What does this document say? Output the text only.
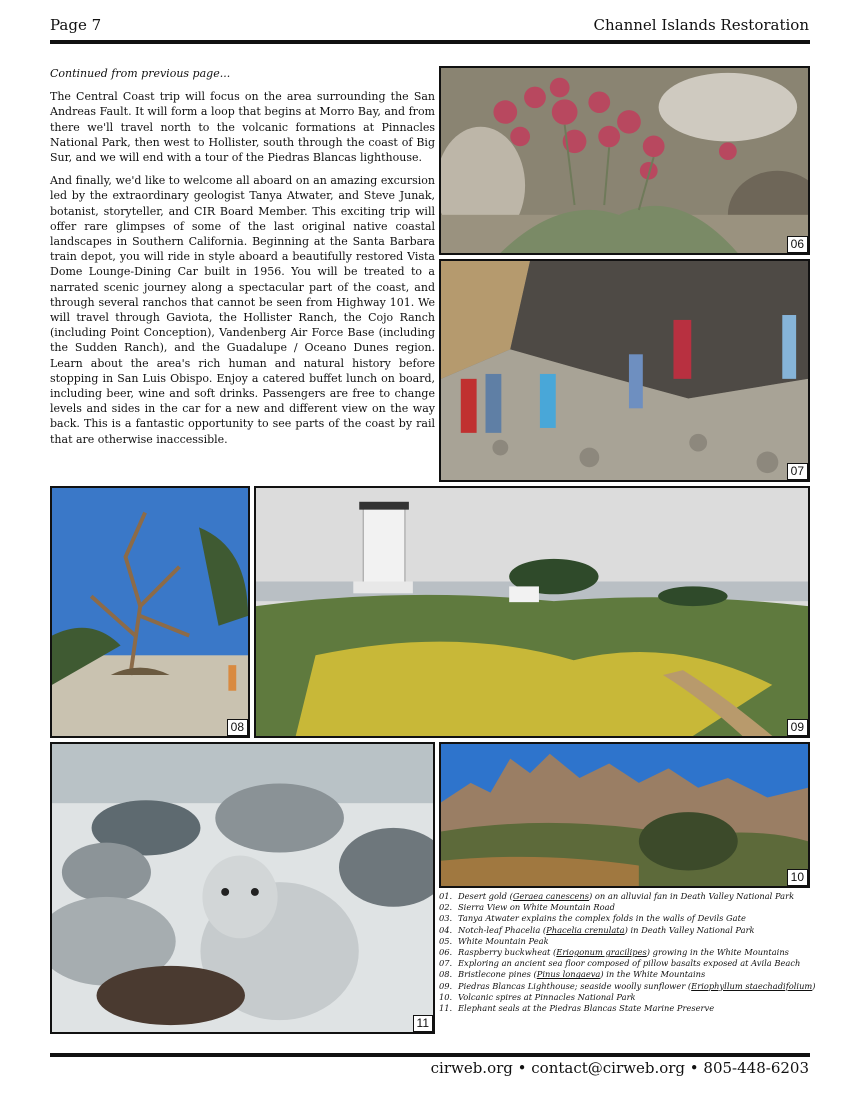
Page 7	Channel Islands Restoration

Continued from previous page...

The Central Coast trip will focus on the area surrounding the San Andreas Fault. It will form a loop that begins at Morro Bay, and from there we'll travel north to the volcanic formations at Pinnacles National Park, then west to Hollister, south through the coast of Big Sur, and we will end with a tour of the Piedras Blancas lighthouse.

And finally, we'd like to welcome all aboard on an amazing excursion led by the extraordinary geologist Tanya Atwater, and Steve Junak, botanist, storyteller, and CIR Board Member. This exciting trip will offer rare glimpses of some of the last original native coastal landscapes in Southern California. Beginning at the Santa Barbara train depot, you will ride in style aboard a beautifully restored Vista Dome Lounge-Dining Car built in 1956. You will be treated to a narrated scenic journey along a spectacular part of the coast, and through several ranchos that cannot be seen from Highway 101. We will travel through Gaviota, the Hollister Ranch, the Cojo Ranch (including Point Conception), Vandenberg Air Force Base (including the Sudden Ranch), and the Guadalupe / Oceano Dunes region. Learn about the area's rich human and natural history before stopping in San Luis Obispo. Enjoy a catered buffet lunch on board, including beer, wine and soft drinks. Passengers are free to change levels and sides in the car for a new and different view on the way back. This is a fantastic opportunity to see parts of the coast by rail that are otherwise inaccessible.

06
07
08	09
11
10
01. Desert gold (Geraea canescens) on an alluvial fan in Death Valley National Park
02. Sierra View on White Mountain Road
03. Tanya Atwater explains the complex folds in the walls of Devils Gate
04. Notch-leaf Phacelia (Phacelia crenulata) in Death Valley National Park
05. White Mountain Peak
06. Raspberry buckwheat (Eriogonum gracilipes) growing in the White Mountains
07. Exploring an ancient sea floor composed of pillow basalts exposed at Avila Beach
08. Bristlecone pines (Pinus longaeva) in the White Mountains
09. Piedras Blancas Lighthouse; seaside woolly sunflower (Eriophyllum staechadifolium)
10. Volcanic spires at Pinnacles National Park
11. Elephant seals at the Piedras Blancas State Marine Preserve
cirweb.org • contact@cirweb.org • 805-448-6203
